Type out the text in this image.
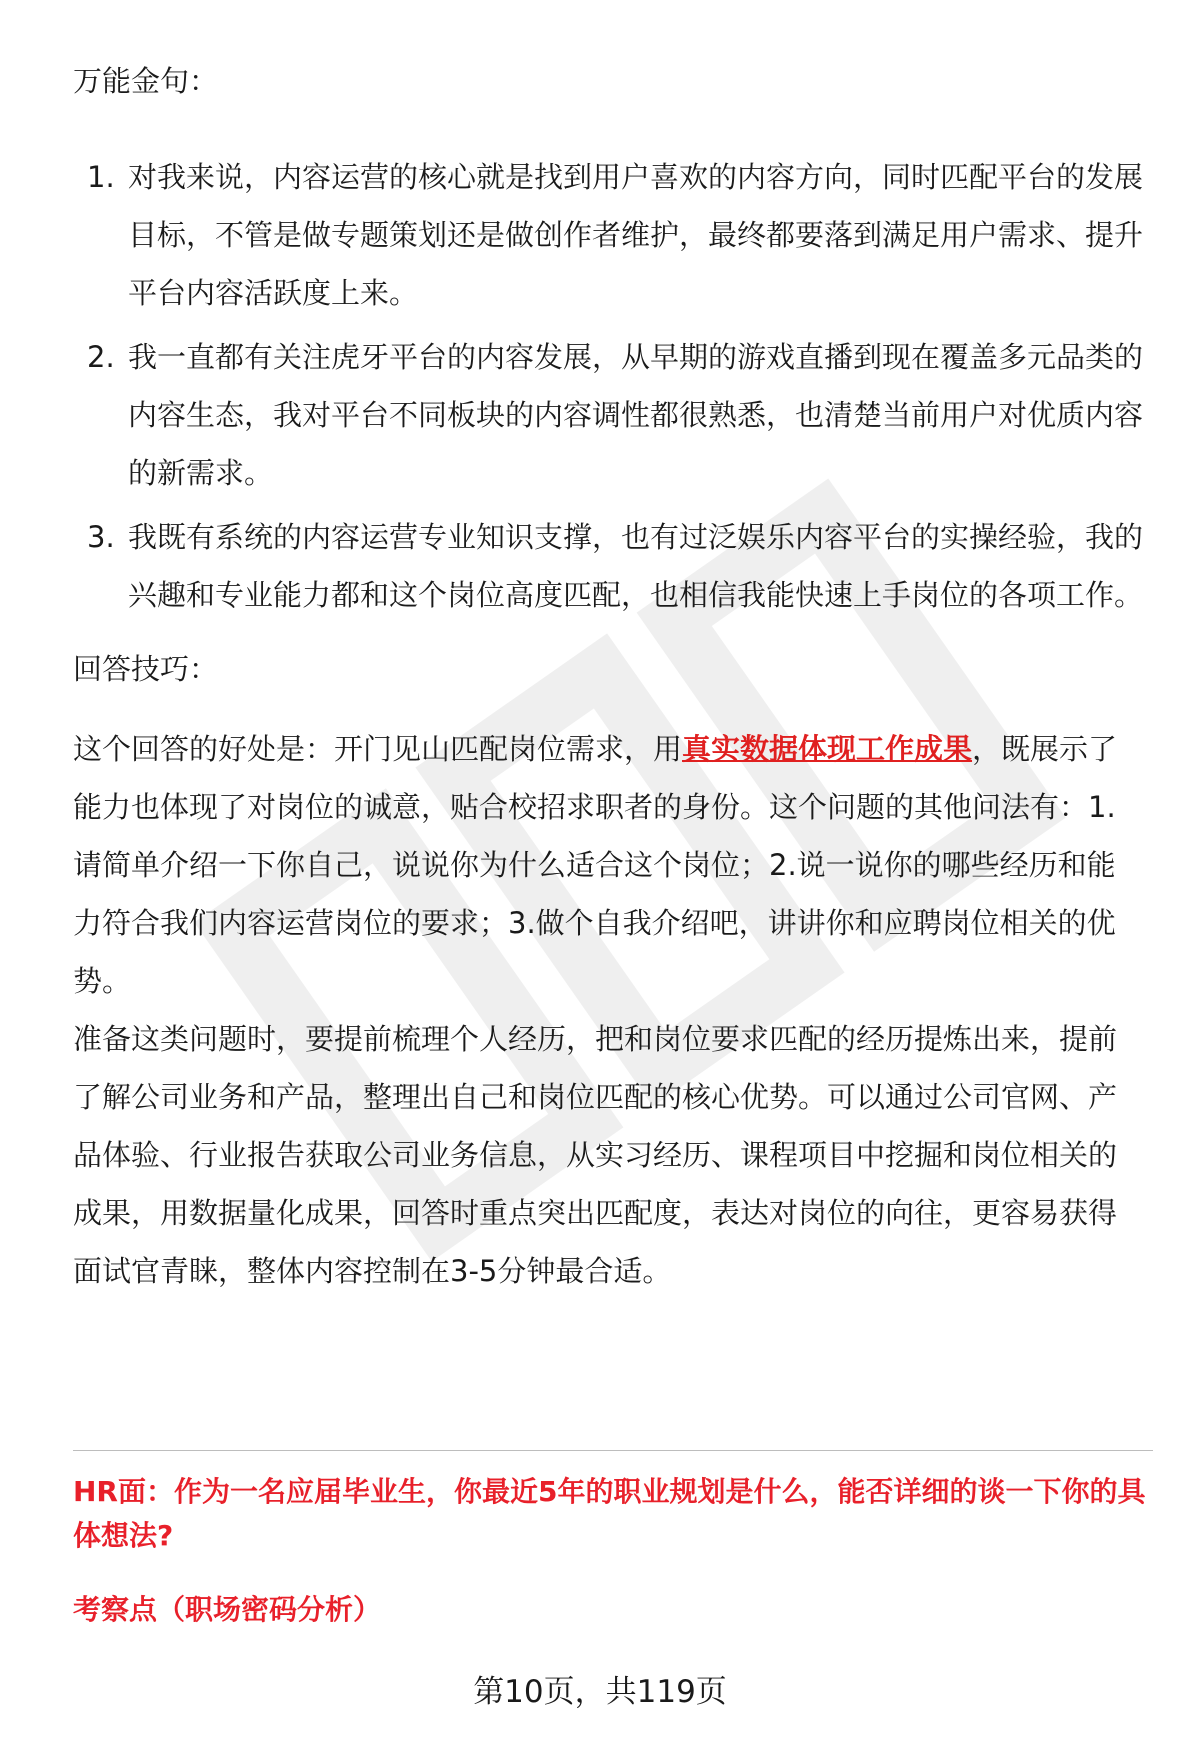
万能金句：

1. 对我来说，内容运营的核心就是找到用户喜欢的内容方向，同时匹配平台的发展目标，不管是做专题策划还是做创作者维护，最终都要落到满足用户需求、提升平台内容活跃度上来。
2. 我一直都有关注虎牙平台的内容发展，从早期的游戏直播到现在覆盖多元品类的内容生态，我对平台不同板块的内容调性都很熟悉，也清楚当前用户对优质内容的新需求。
3. 我既有系统的内容运营专业知识支撑，也有过泛娱乐内容平台的实操经验，我的兴趣和专业能力都和这个岗位高度匹配，也相信我能快速上手岗位的各项工作。

回答技巧：

这个回答的好处是：开门见山匹配岗位需求，用真实数据体现工作成果，既展示了能力也体现了对岗位的诚意，贴合校招求职者的身份。这个问题的其他问法有：1.请简单介绍一下你自己，说说你为什么适合这个岗位；2.说一说你的哪些经历和能力符合我们内容运营岗位的要求；3.做个自我介绍吧，讲讲你和应聘岗位相关的优势。

准备这类问题时，要提前梳理个人经历，把和岗位要求匹配的经历提炼出来，提前了解公司业务和产品，整理出自己和岗位匹配的核心优势。可以通过公司官网、产品体验、行业报告获取公司业务信息，从实习经历、课程项目中挖掘和岗位相关的成果，用数据量化成果，回答时重点突出匹配度，表达对岗位的向往，更容易获得面试官青睐，整体内容控制在3-5分钟最合适。

HR面：作为一名应届毕业生，你最近5年的职业规划是什么，能否详细的谈一下你的具体想法?

考察点（职场密码分析）

第10页，共119页
